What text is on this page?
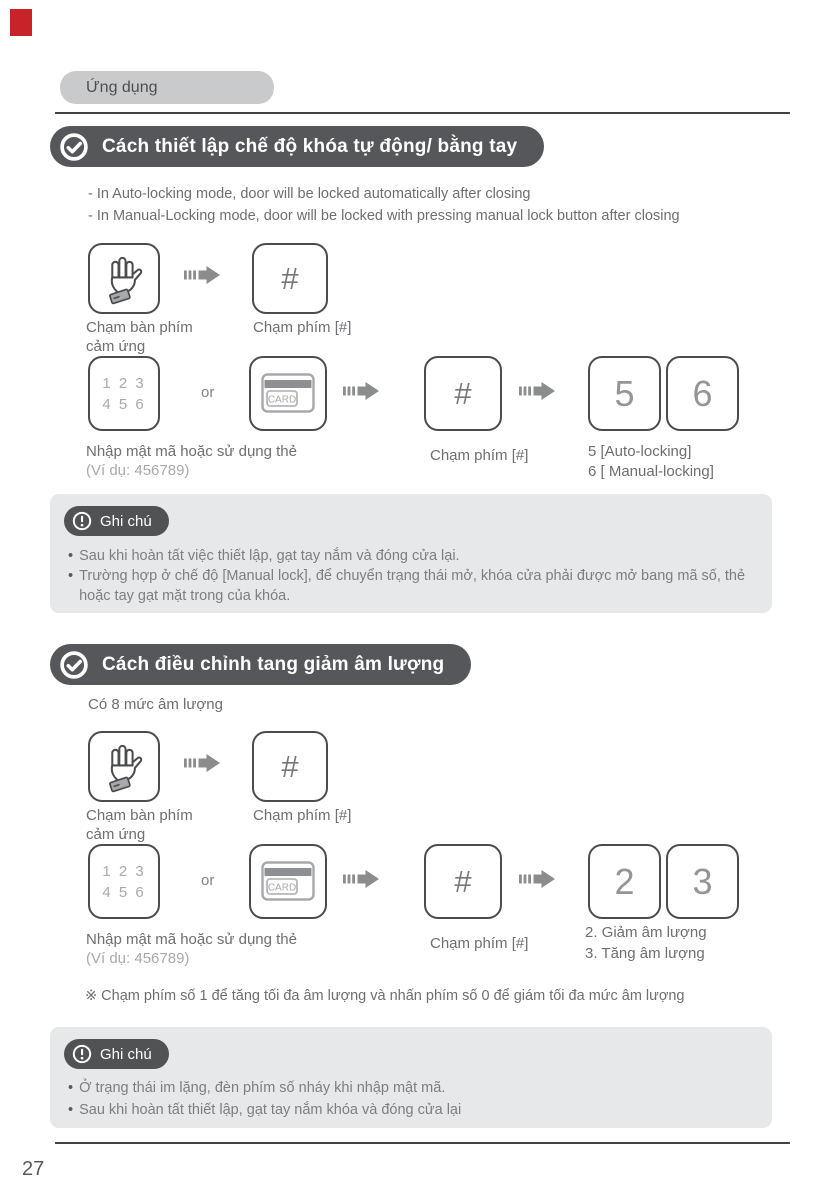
Ứng dụng
Cách thiết lập chế độ khóa tự động/ bằng tay
- In Auto-locking mode, door will be locked automatically after closing
- In Manual-Locking mode, door will be locked with pressing manual lock button after closing
#
Chạm bàn phím
cảm ứng
Chạm phím [#]
1 2 3
4 5 6
or	CARD	#	5 6
Nhập mật mã hoặc sử dụng thẻ
(Ví dụ: 456789)
Chạm phím [#]	5 [Auto-locking]
6 [ Manual-locking]
Ghi chú
• Sau khi hoàn tất việc thiết lập, gạt tay nắm và đóng cửa lại.
• Trường hợp ở chế độ [Manual lock], để chuyển trạng thái mở, khóa cửa phải được mở bang mã số, thẻ hoặc tay gạt mặt trong của khóa.
Cách điều chỉnh tang giảm âm lượng
Có 8 mức âm lượng
#
Chạm bàn phím
cảm ứng
Chạm phím [#]
1 2 3
4 5 6
or	CARD	#	2 3
Nhập mật mã hoặc sử dụng thẻ
(Ví dụ: 456789)
Chạm phím [#]
2. Giảm âm lượng
3. Tăng âm lượng
※ Chạm phím số 1 để tăng tối đa âm lượng và nhấn phím số 0 để giám tối đa mức âm lượng
Ghi chú
• Ở trạng thái im lặng, đèn phím số nháy khi nhập mật mã.
• Sau khi hoàn tất thiết lập, gạt tay nắm khóa và đóng cửa lại
27
